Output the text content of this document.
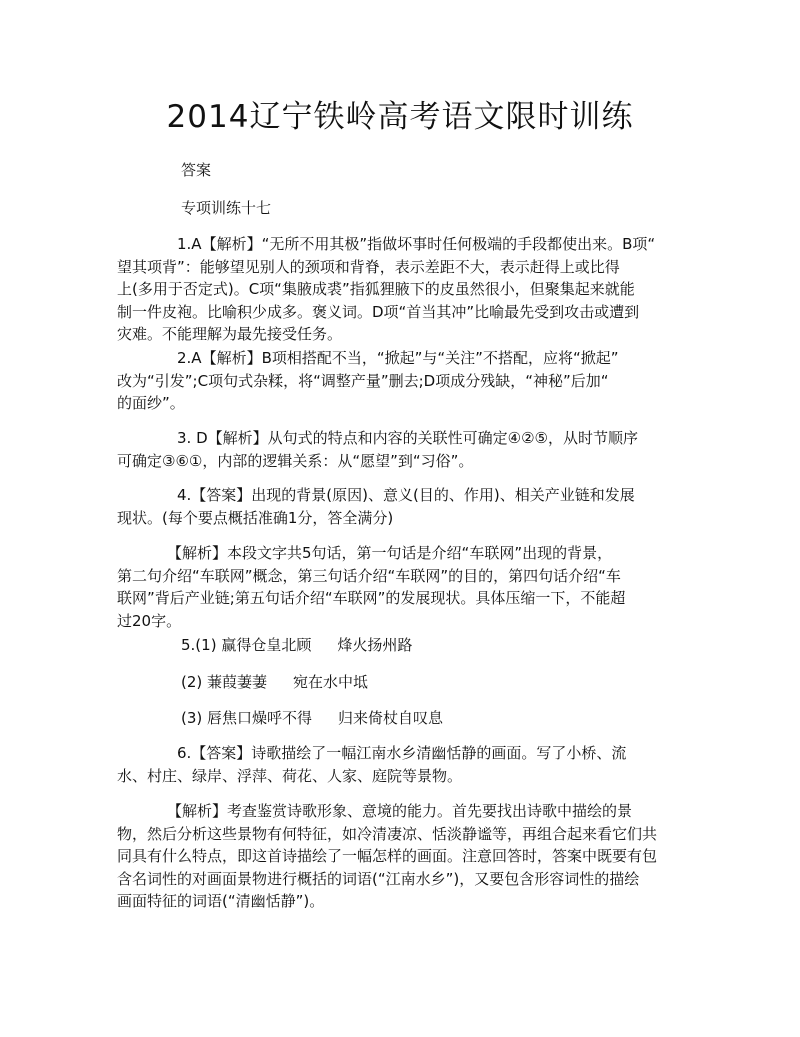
2014辽宁铁岭高考语文限时训练
答案
专项训练十七
1.A【解析】“无所不用其极”指做坏事时任何极端的手段都使出来。B项“
望其项背”：能够望见别人的颈项和背脊，表示差距不大，表示赶得上或比得
上(多用于否定式)。C项“集腋成裘”指狐狸腋下的皮虽然很小，但聚集起来就能
制一件皮袍。比喻积少成多。褒义词。D项“首当其冲”比喻最先受到攻击或遭到
灾难。不能理解为最先接受任务。
2.A【解析】B项相搭配不当，“掀起”与“关注”不搭配，应将“掀起”
改为“引发”;C项句式杂糅，将“调整产量”删去;D项成分残缺，“神秘”后加“
的面纱”。
3. D【解析】从句式的特点和内容的关联性可确定④②⑤，从时节顺序
可确定③⑥①，内部的逻辑关系：从“愿望”到“习俗”。
4.【答案】出现的背景(原因)、意义(目的、作用)、相关产业链和发展
现状。(每个要点概括准确1分，答全满分)
【解析】本段文字共5句话，第一句话是介绍“车联网”出现的背景，
第二句介绍“车联网”概念，第三句话介绍“车联网”的目的，第四句话介绍“车
联网”背后产业链;第五句话介绍“车联网”的发展现状。具体压缩一下，不能超
过20字。
5.(1) 赢得仓皇北顾 烽火扬州路
(2) 蒹葭萋萋 宛在水中坻
(3) 唇焦口燥呼不得 归来倚杖自叹息
6.【答案】诗歌描绘了一幅江南水乡清幽恬静的画面。写了小桥、流
水、村庄、绿岸、浮萍、荷花、人家、庭院等景物。
【解析】考查鉴赏诗歌形象、意境的能力。首先要找出诗歌中描绘的景
物，然后分析这些景物有何特征，如冷清凄凉、恬淡静谧等，再组合起来看它们共
同具有什么特点，即这首诗描绘了一幅怎样的画面。注意回答时，答案中既要有包
含名词性的对画面景物进行概括的词语(“江南水乡”)，又要包含形容词性的描绘
画面特征的词语(“清幽恬静”)。
